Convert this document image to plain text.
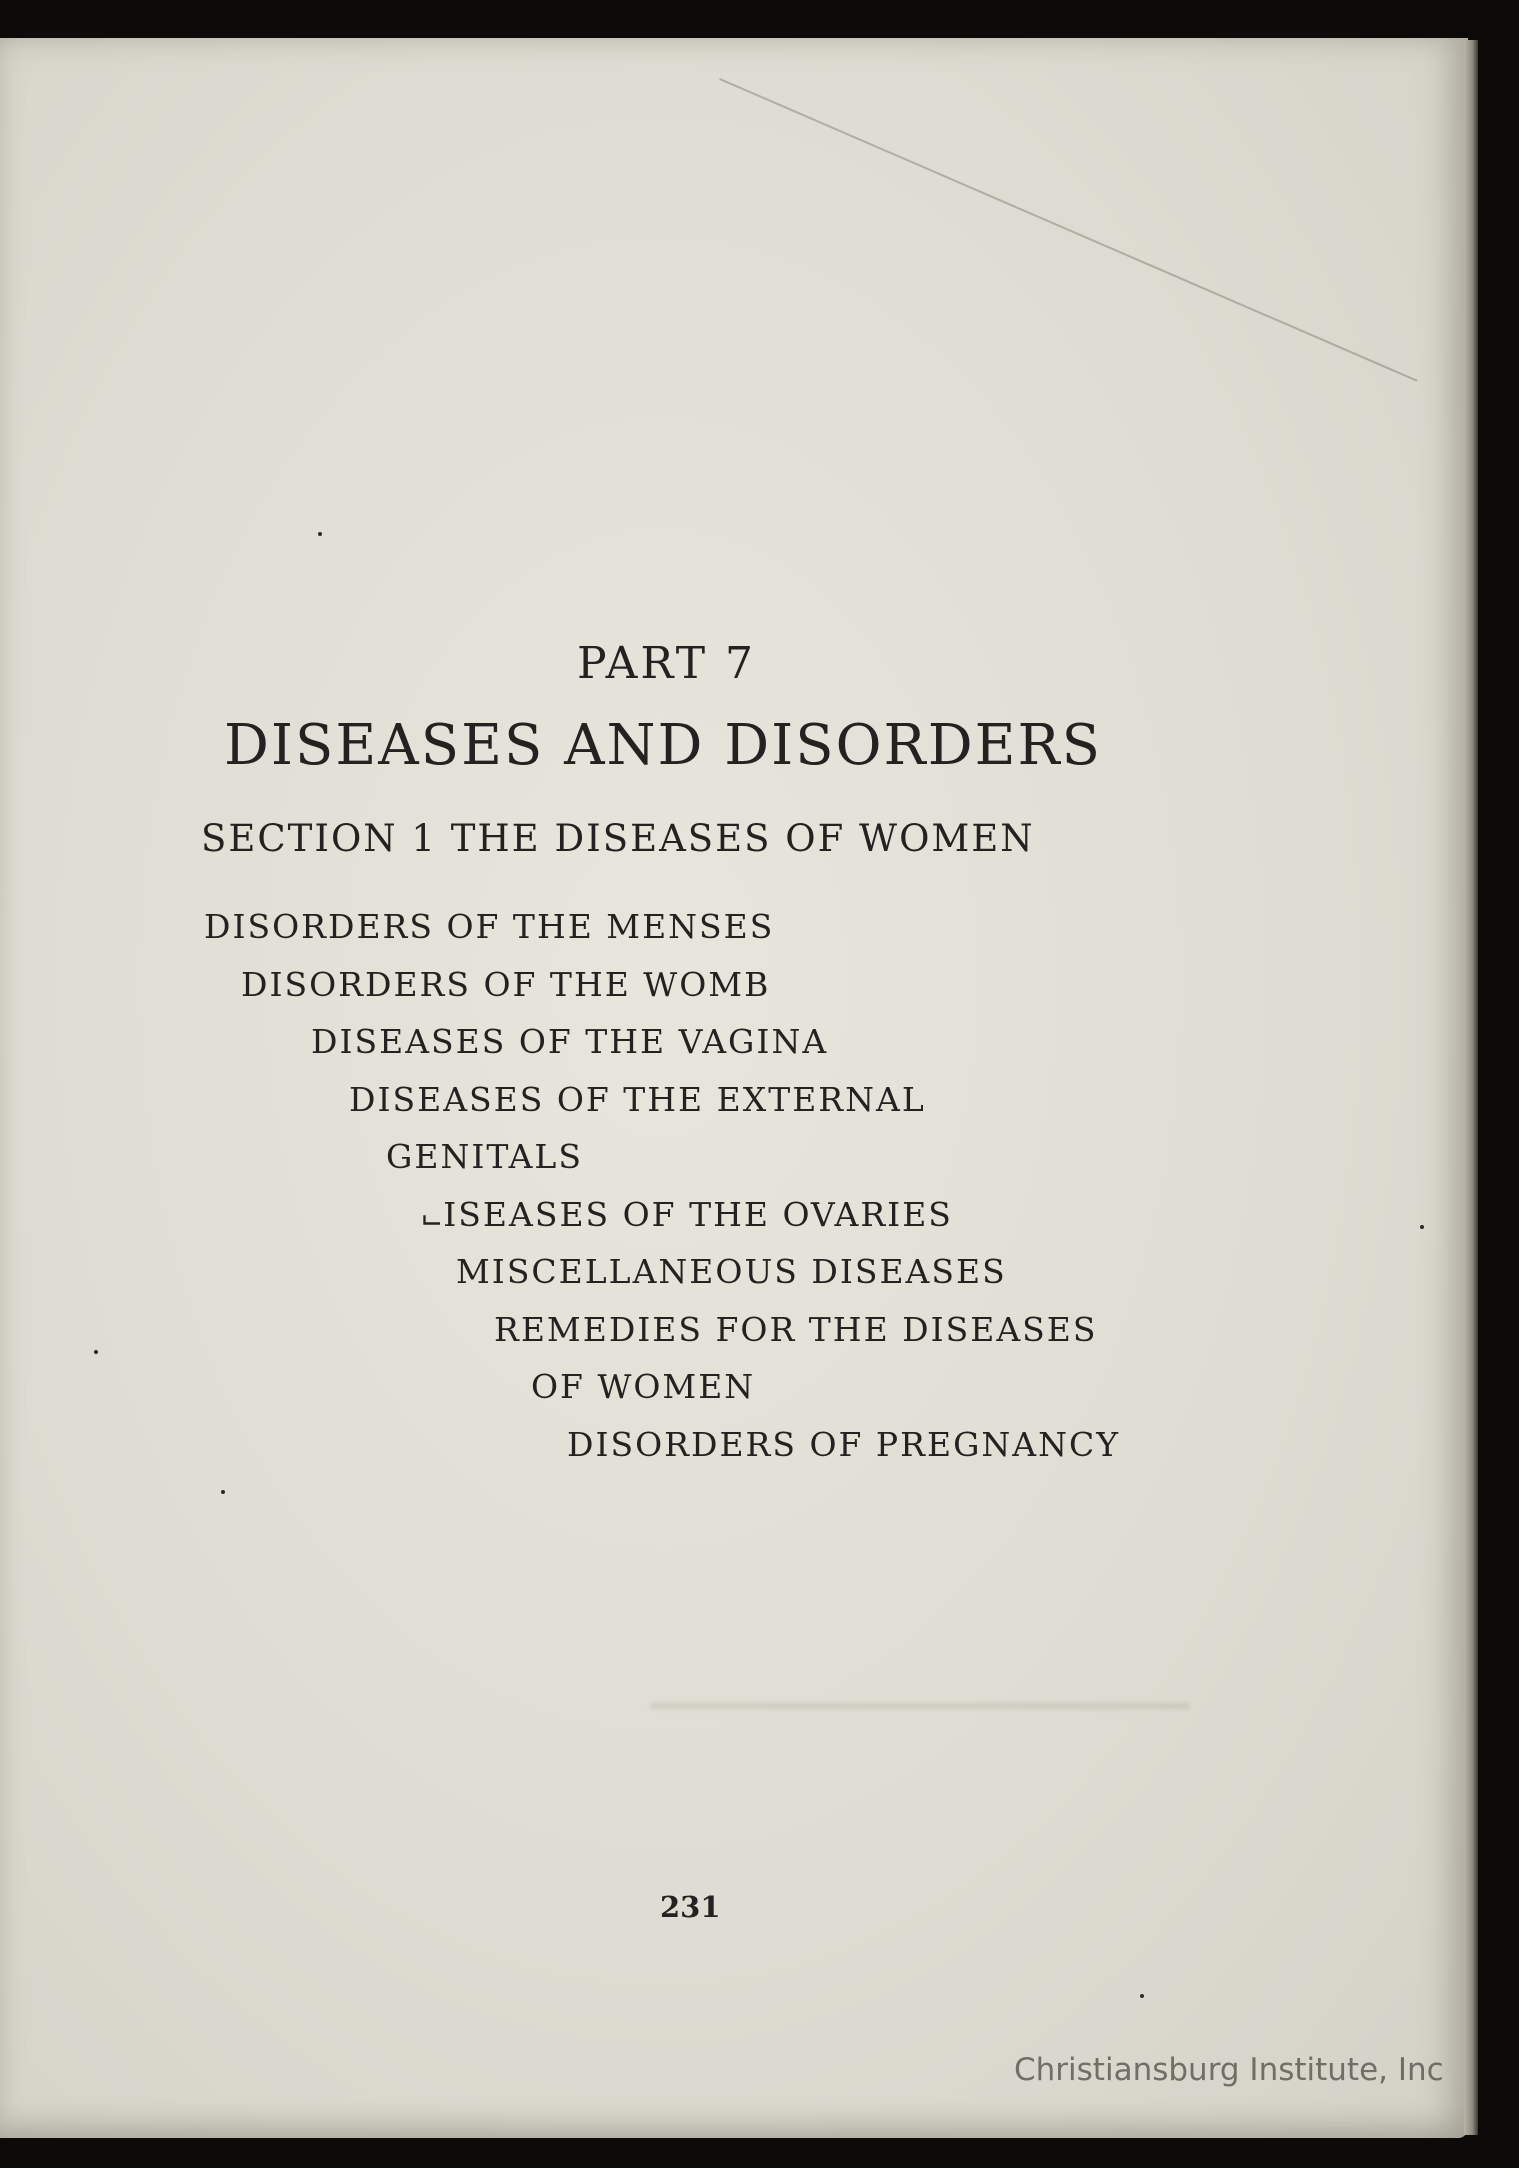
PART 7
DISEASES AND DISORDERS
SECTION 1 THE DISEASES OF WOMEN
DISORDERS OF THE MENSES
DISORDERS OF THE WOMB
DISEASES OF THE VAGINA
DISEASES OF THE EXTERNAL
GENITALS
⨽ISEASES OF THE OVARIES
MISCELLANEOUS DISEASES
REMEDIES FOR THE DISEASES
OF WOMEN
DISORDERS OF PREGNANCY
231
Christiansburg Institute, Inc
